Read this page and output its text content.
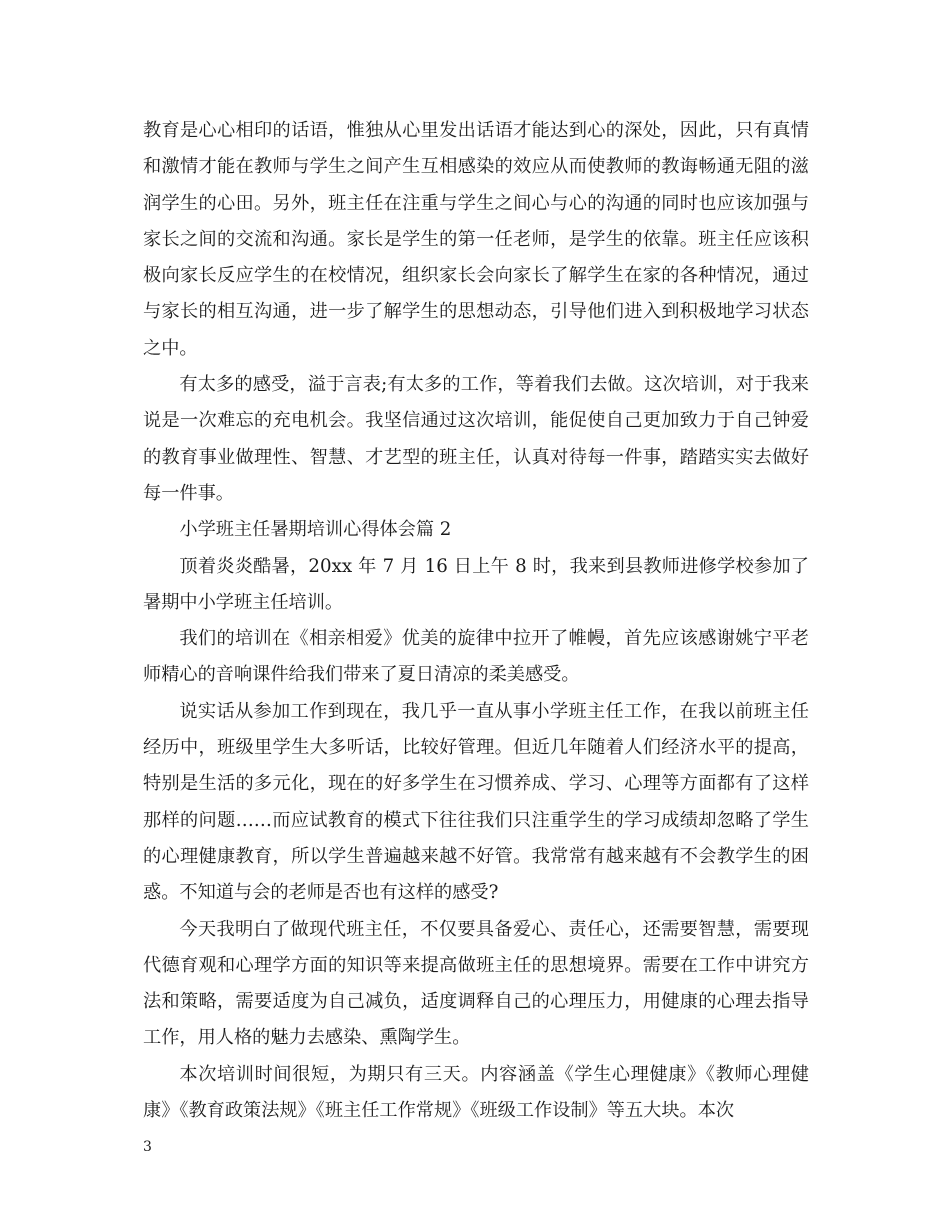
教育是心心相印的话语，惟独从心里发出话语才能达到心的深处，因此，只有真情和激情才能在教师与学生之间产生互相感染的效应从而使教师的教诲畅通无阻的滋润学生的心田。另外，班主任在注重与学生之间心与心的沟通的同时也应该加强与家长之间的交流和沟通。家长是学生的第一任老师，是学生的依靠。班主任应该积极向家长反应学生的在校情况，组织家长会向家长了解学生在家的各种情况，通过与家长的相互沟通，进一步了解学生的思想动态，引导他们进入到积极地学习状态之中。

有太多的感受，溢于言表;有太多的工作，等着我们去做。这次培训，对于我来说是一次难忘的充电机会。我坚信通过这次培训，能促使自己更加致力于自己钟爱的教育事业做理性、智慧、才艺型的班主任，认真对待每一件事，踏踏实实去做好每一件事。

小学班主任暑期培训心得体会篇 2

顶着炎炎酷暑，20xx 年 7 月 16 日上午 8 时，我来到县教师进修学校参加了暑期中小学班主任培训。

我们的培训在《相亲相爱》优美的旋律中拉开了帷幔，首先应该感谢姚宁平老师精心的音响课件给我们带来了夏日清凉的柔美感受。

说实话从参加工作到现在，我几乎一直从事小学班主任工作，在我以前班主任经历中，班级里学生大多听话，比较好管理。但近几年随着人们经济水平的提高，特别是生活的多元化，现在的好多学生在习惯养成、学习、心理等方面都有了这样那样的问题……而应试教育的模式下往往我们只注重学生的学习成绩却忽略了学生的心理健康教育，所以学生普遍越来越不好管。我常常有越来越有不会教学生的困惑。不知道与会的老师是否也有这样的感受?

今天我明白了做现代班主任，不仅要具备爱心、责任心，还需要智慧，需要现代德育观和心理学方面的知识等来提高做班主任的思想境界。需要在工作中讲究方法和策略，需要适度为自己减负，适度调释自己的心理压力，用健康的心理去指导工作，用人格的魅力去感染、熏陶学生。

本次培训时间很短，为期只有三天。内容涵盖《学生心理健康》《教师心理健康》《教育政策法规》《班主任工作常规》《班级工作设制》等五大块。本次

3
